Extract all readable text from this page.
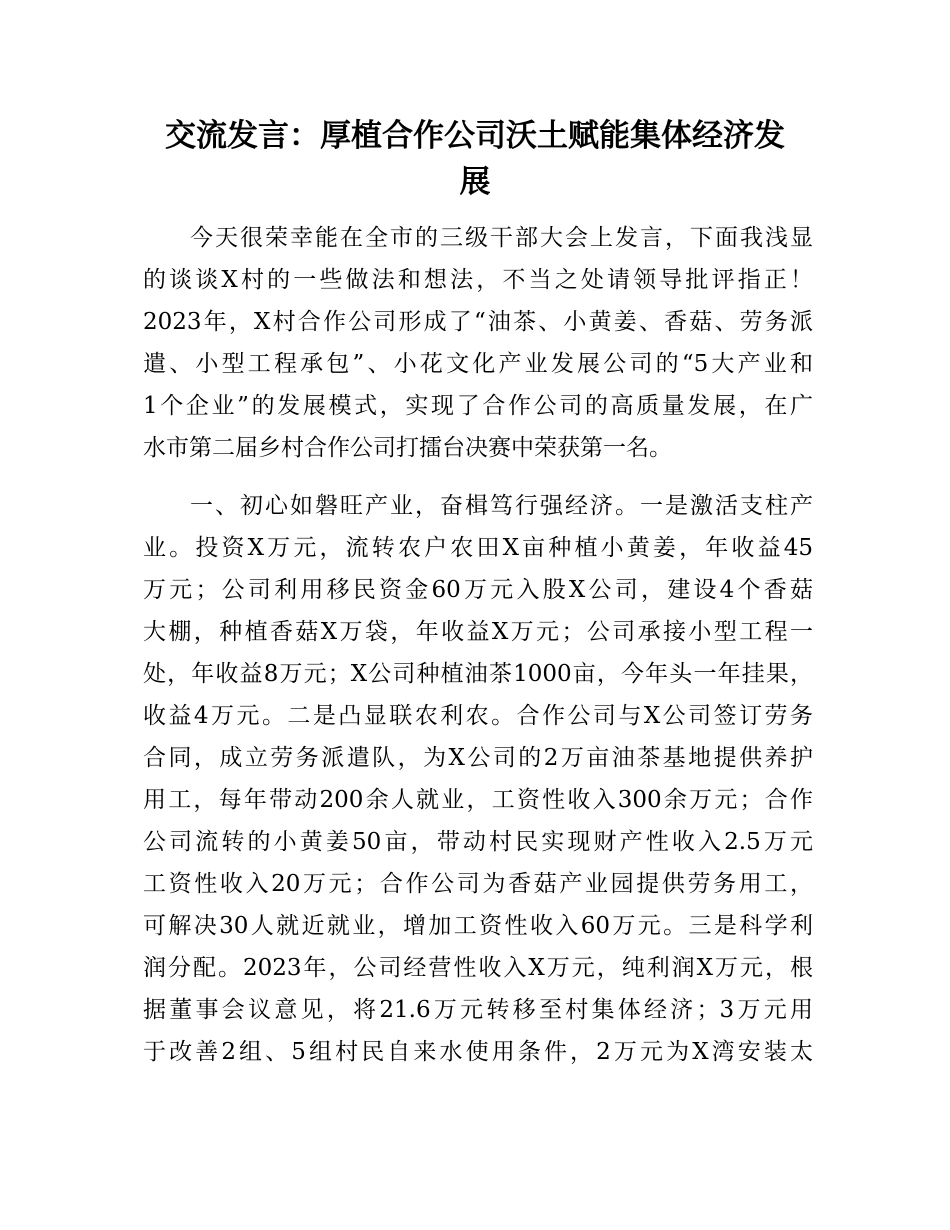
交流发言：厚植合作公司沃土赋能集体经济发
展

今天很荣幸能在全市的三级干部大会上发言，下面我浅显

的谈谈X村的一些做法和想法，不当之处请领导批评指正！

2023年，X村合作公司形成了“油茶、小黄姜、香菇、劳务派

遣、小型工程承包”、小花文化产业发展公司的“5大产业和

1个企业”的发展模式，实现了合作公司的高质量发展，在广

水市第二届乡村合作公司打擂台决赛中荣获第一名。

一、初心如磐旺产业，奋楫笃行强经济。一是激活支柱产

业。投资X万元，流转农户农田X亩种植小黄姜，年收益45

万元；公司利用移民资金60万元入股X公司，建设4个香菇

大棚，种植香菇X万袋，年收益X万元；公司承接小型工程一

处，年收益8万元；X公司种植油茶1000亩，今年头一年挂果，

收益4万元。二是凸显联农利农。合作公司与X公司签订劳务

合同，成立劳务派遣队，为X公司的2万亩油茶基地提供养护

用工，每年带动200余人就业，工资性收入300余万元；合作

公司流转的小黄姜50亩，带动村民实现财产性收入2.5万元

工资性收入20万元；合作公司为香菇产业园提供劳务用工，

可解决30人就近就业，增加工资性收入60万元。三是科学利

润分配。2023年，公司经营性收入X万元，纯利润X万元，根

据董事会议意见，将21.6万元转移至村集体经济；3万元用

于改善2组、5组村民自来水使用条件，2万元为X湾安装太
